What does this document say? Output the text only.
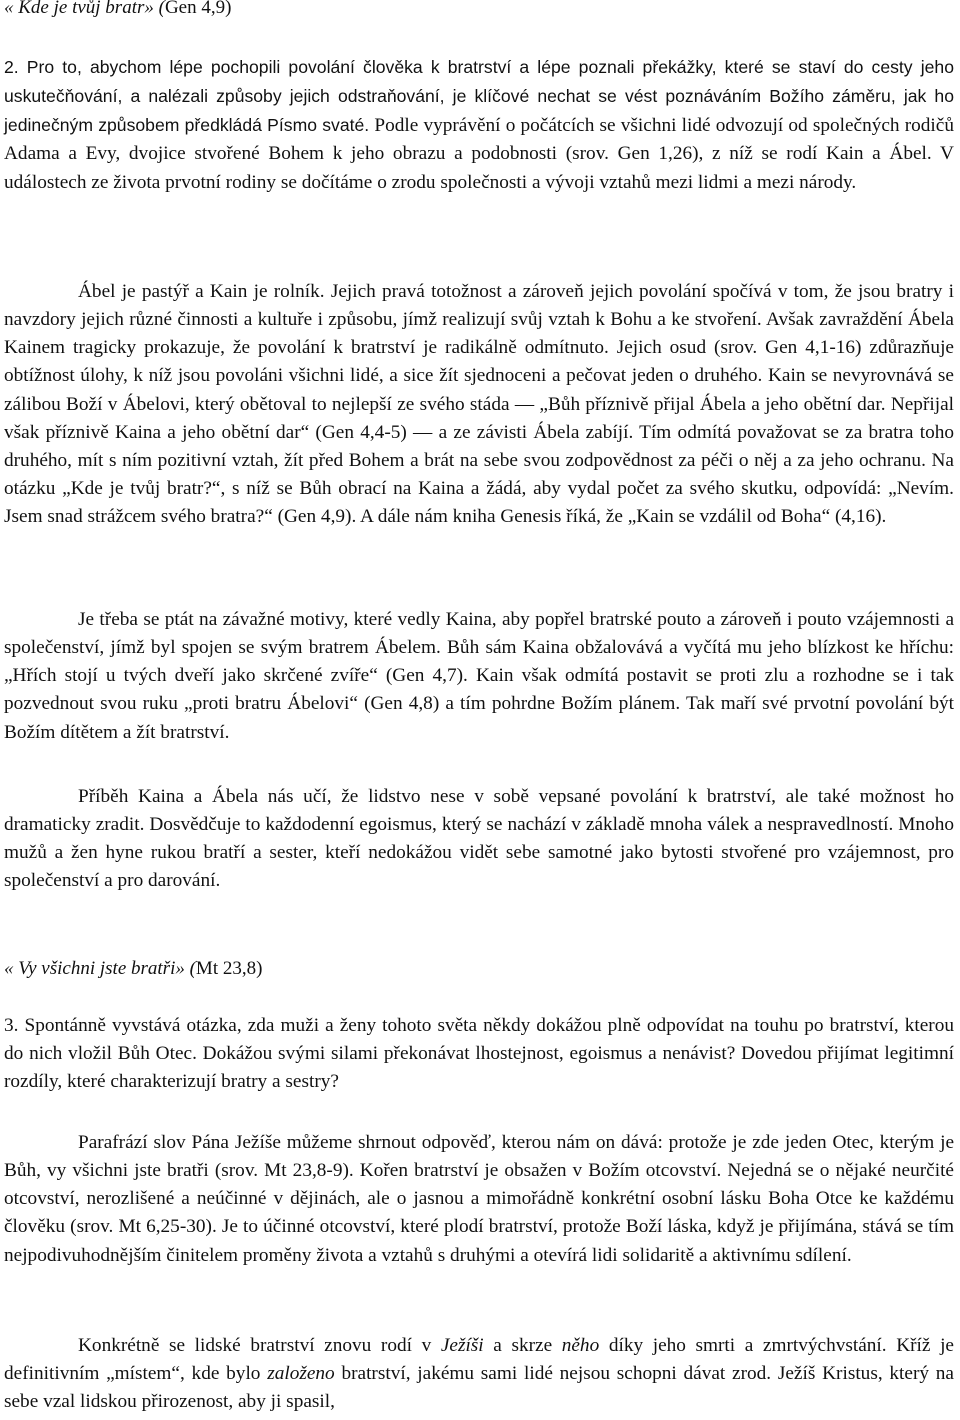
« Kde je tvůj bratr» (Gen 4,9)

2. Pro to, abychom lépe pochopili povolání člověka k bratrství a lépe poznali překážky, které se staví do cesty jeho uskutečňování, a nalézali způsoby jejich odstraňování, je klíčové nechat se vést poznáváním Božího záměru, jak ho jedinečným způsobem předkládá Písmo svaté. Podle vyprávění o počátcích se všichni lidé odvozují od společných rodičů Adama a Evy, dvojice stvořené Bohem k jeho obrazu a podobnosti (srov. Gen 1,26), z níž se rodí Kain a Ábel. V událostech ze života prvotní rodiny se dočítáme o zrodu společnosti a vývoji vztahů mezi lidmi a mezi národy.

Ábel je pastýř a Kain je rolník. Jejich pravá totožnost a zároveň jejich povolání spočívá v tom, že jsou bratry i navzdory jejich různé činnosti a kultuře i způsobu, jímž realizují svůj vztah k Bohu a ke stvoření. Avšak zavraždění Ábela Kainem tragicky prokazuje, že povolání k bratrství je radikálně odmítnuto. Jejich osud (srov. Gen 4,1-16) zdůrazňuje obtížnost úlohy, k níž jsou povoláni všichni lidé, a sice žít sjednoceni a pečovat jeden o druhého. Kain se nevyrovnává se zálibou Boží v Ábelovi, který obětoval to nejlepší ze svého stáda — „Bůh příznivě přijal Ábela a jeho obětní dar. Nepřijal však příznivě Kaina a jeho obětní dar“ (Gen 4,4-5) — a ze závisti Ábela zabíjí. Tím odmítá považovat se za bratra toho druhého, mít s ním pozitivní vztah, žít před Bohem a brát na sebe svou zodpovědnost za péči o něj a za jeho ochranu. Na otázku „Kde je tvůj bratr?“, s níž se Bůh obrací na Kaina a žádá, aby vydal počet za svého skutku, odpovídá: „Nevím. Jsem snad strážcem svého bratra?“ (Gen 4,9). A dále nám kniha Genesis říká, že „Kain se vzdálil od Boha“ (4,16).

Je třeba se ptát na závažné motivy, které vedly Kaina, aby popřel bratrské pouto a zároveň i pouto vzájemnosti a společenství, jímž byl spojen se svým bratrem Ábelem. Bůh sám Kaina obžalovává a vyčítá mu jeho blízkost ke hříchu: „Hřích stojí u tvých dveří jako skrčené zvíře“ (Gen 4,7). Kain však odmítá postavit se proti zlu a rozhodne se i tak pozvednout svou ruku „proti bratru Ábelovi“ (Gen 4,8) a tím pohrdne Božím plánem. Tak maří své prvotní povolání být Božím dítětem a žít bratrství.

Příběh Kaina a Ábela nás učí, že lidstvo nese v sobě vepsané povolání k bratrství, ale také možnost ho dramaticky zradit. Dosvědčuje to každodenní egoismus, který se nachází v základě mnoha válek a nespravedlností. Mnoho mužů a žen hyne rukou bratří a sester, kteří nedokážou vidět sebe samotné jako bytosti stvořené pro vzájemnost, pro společenství a pro darování.

« Vy všichni jste bratři» (Mt 23,8)

3. Spontánně vyvstává otázka, zda muži a ženy tohoto světa někdy dokážou plně odpovídat na touhu po bratrství, kterou do nich vložil Bůh Otec. Dokážou svými silami překonávat lhostejnost, egoismus a nenávist? Dovedou přijímat legitimní rozdíly, které charakterizují bratry a sestry?

Parafrází slov Pána Ježíše můžeme shrnout odpověď, kterou nám on dává: protože je zde jeden Otec, kterým je Bůh, vy všichni jste bratři (srov. Mt 23,8-9). Kořen bratrství je obsažen v Božím otcovství. Nejedná se o nějaké neurčité otcovství, nerozlišené a neúčinné v dějinách, ale o jasnou a mimořádně konkrétní osobní lásku Boha Otce ke každému člověku (srov. Mt 6,25-30). Je to účinné otcovství, které plodí bratrství, protože Boží láska, když je přijímána, stává se tím nejpodivuhodnějším činitelem proměny života a vztahů s druhými a otevírá lidi solidaritě a aktivnímu sdílení.

Konkrétně se lidské bratrství znovu rodí v Ježíši a skrze něho díky jeho smrti a zmrtvýchvstání. Kříž je definitivním „místem“, kde bylo založeno bratrství, jakému sami lidé nejsou schopni dávat zrod. Ježíš Kristus, který na sebe vzal lidskou přirozenost, aby ji spasil,
